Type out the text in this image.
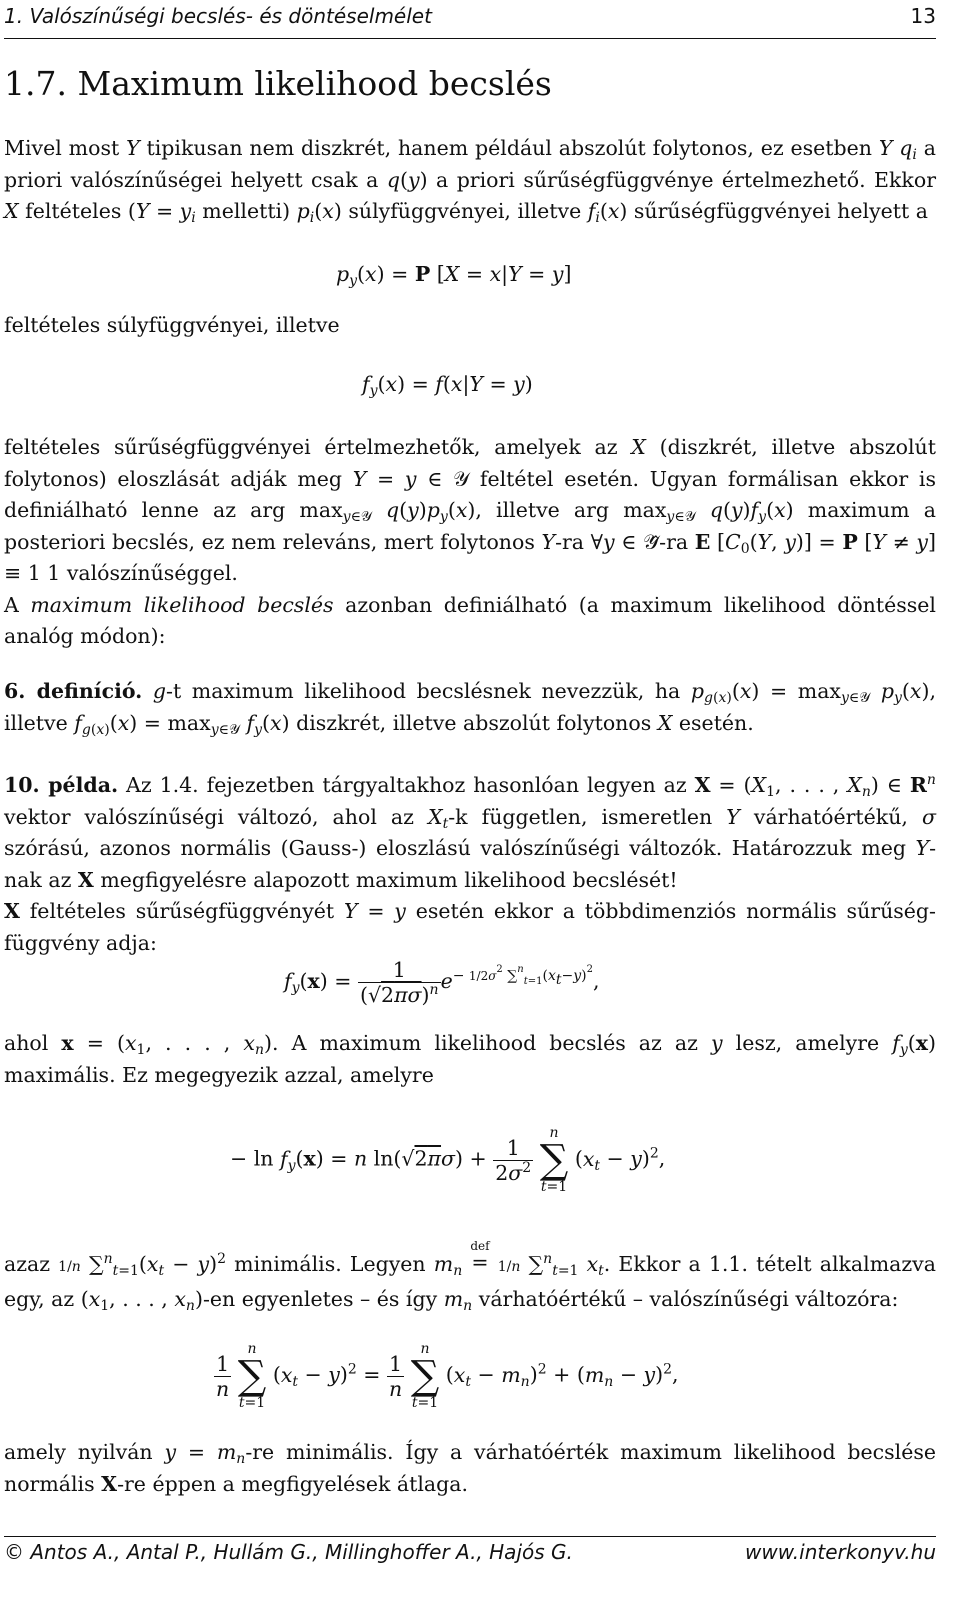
1. Valószínűségi becslés- és döntéselmélet	13
1.7. Maximum likelihood becslés
Mivel most Y tipikusan nem diszkrét, hanem például abszolút folytonos, ez esetben Y $q_i$ a priori valószínűségei helyett csak a q(y) a priori sűrűségfüggvénye értelmezhető. Ekkor X feltételes ($Y = y_i$ melletti) $p_i(x)$ súlyfüggvényei, illetve $f_i(x)$ sűrűségfüggvényei helyett a
$p_y(x) = P$ [X = x|Y = y]
feltételes súlyfüggvényei, illetve
$f_y(x) = f(x|Y = y)$
feltételes sűrűségfüggvényei értelmezhetők, amelyek az X (diszkrét, illetve abszolút folytonos) eloszlását adják meg Y = y ∈ 𝒴 feltétel esetén. Ugyan formálisan ekkor is definiálható lenne az arg $\max_{y\in 𝒴} q(y)p_y(x)$, illetve arg $\max_{y\in 𝒴} q(y)f_y(x)$ maximum a posteriori becslés, ez nem releváns, mert folytonos Y-ra ∀y ∈ 𝒴̂-ra E [$C_0(Y$, y)] = P [Y ≠ y] ≡ 1 1 valószínűséggel.
A maximum likelihood becslés azonban definiálható (a maximum likelihood döntéssel analóg módon):
6. definíció. g-t maximum likelihood becslésnek nevezzük, ha $p_{g(x)}(x) = \max_{y\in 𝒴} p_y(x)$, illetve $f_{g(x)}(x) = \max_{y\in 𝒴} f_y(x)$ diszkrét, illetve abszolút folytonos X esetén.
10. példa. Az 1.4. fejezetben tárgyaltakhoz hasonlóan legyen az $X = (X_1$, . . . , $X_n$) ∈ $R^n$ vektor valószínűségi változó, ahol az $X_t-k$ független, ismeretlen Y várhatóértékű, σ szórású, azonos normális (Gauss-) eloszlású valószínűségi változók. Határozzuk meg Y-nak az X megfigyelésre alapozott maximum likelihood becslését!
X feltételes sűrűségfüggvényét Y = y esetén ekkor a többdimenziós normális sűrűség-függvény adja:
$f_y(x) = \frac{1}{(√2\pi\sigma)^n} e^{- 1/2\sigma^2 \sum^n_{t=1}(x_t-y)^2}$,
ahol $x = (x_1$, . . . , $x_n$). A maximum likelihood becslés az az y lesz, amelyre $f_y(x)$ maximális. Ez megegyezik azzal, amelyre
− $\ln f_y(x) = n$ $\ln(√2\pi\sigma) + \frac{1}{2\sigma^2}$

n
∑
t=1
$(x_t - y)^2$,
azaz 1/n $\sum^n_{t=1}(x_t - y)^2$ minimális. Legyen $m_n$
def
= 1/n ∑$^n_{t=1}$ $x_t$. Ekkor a 1.1. tételt alkalmazva egy, az ($x_1$, . . . , $x_n)-en$ egyenletes – és így $m_n$ várhatóértékű – valószínűségi változóra:
$\frac{1}{n}$

n
∑
t=1
$(x_t - y)^2 = \frac{1}{n}$

n
∑
t=1
$(x_t - m_n)^2 + (m_n - y)^2$,
amely nyilván $y = m_n-re$ minimális. Így a várhatóérték maximum likelihood becslése normális X-re éppen a megfigyelések átlaga.
© Antos A., Antal P., Hullám G., Millinghoffer A., Hajós G.	www.interkonyv.hu
